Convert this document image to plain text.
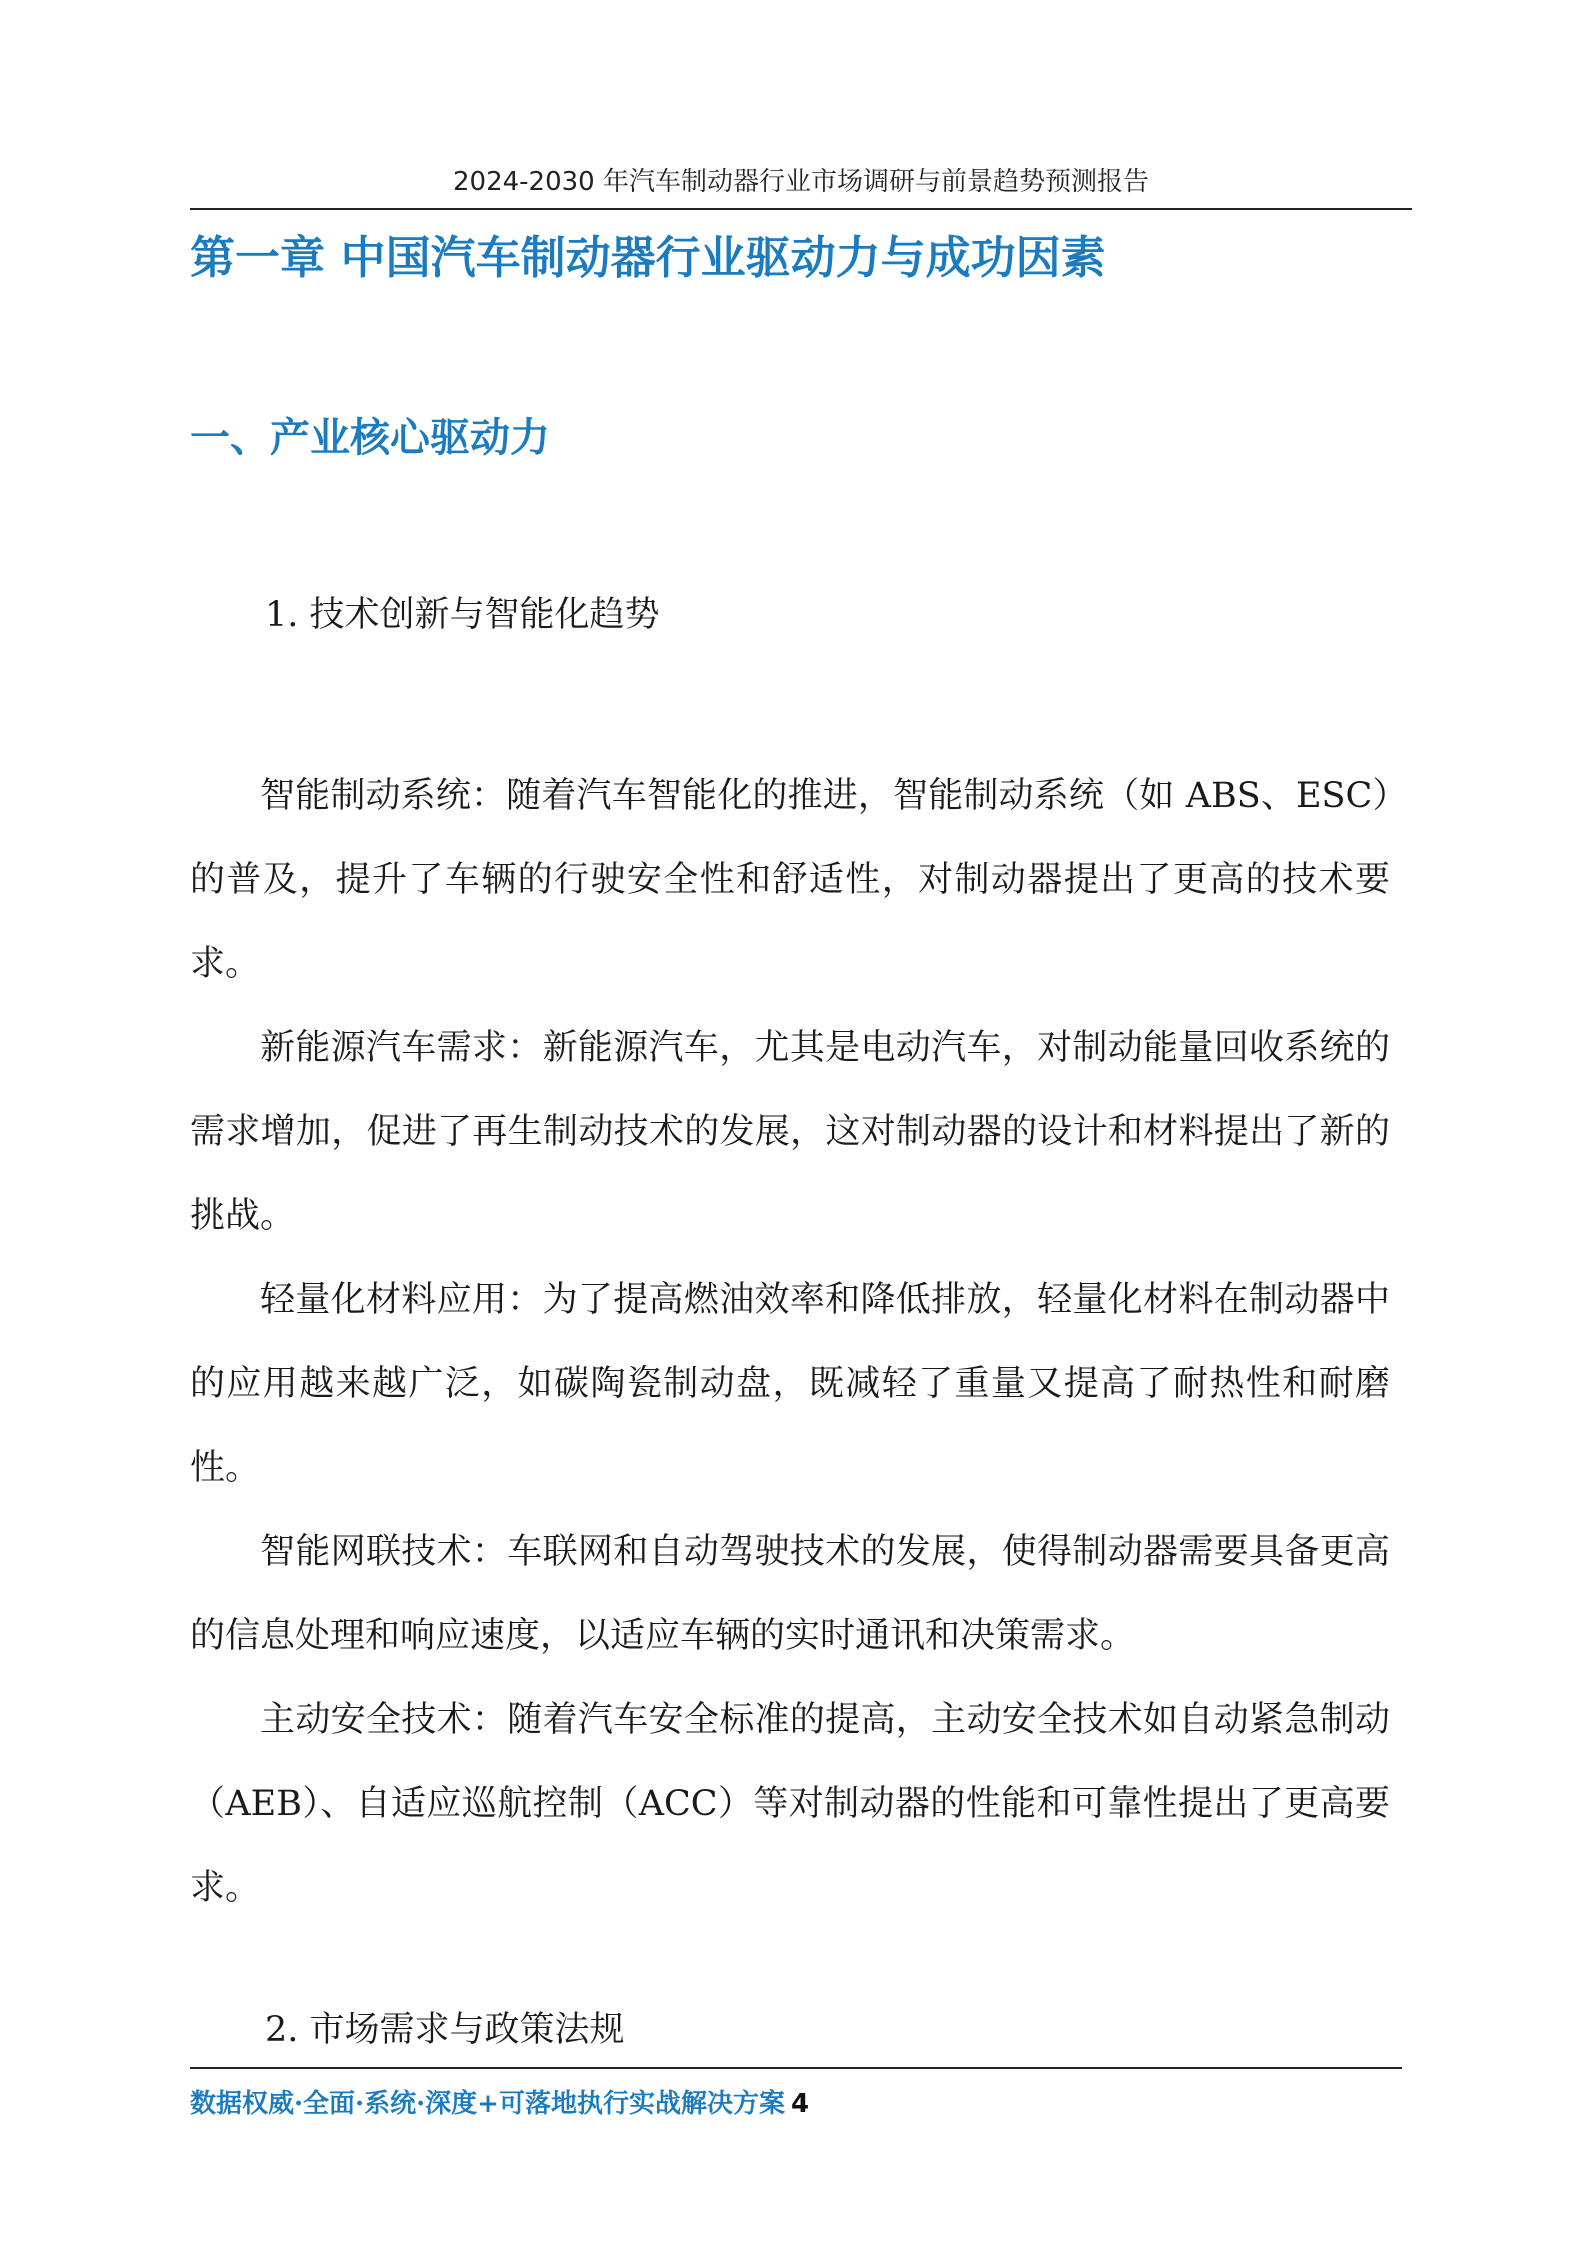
2024-2030 年汽车制动器行业市场调研与前景趋势预测报告
第一章 中国汽车制动器行业驱动力与成功因素
一、产业核心驱动力
1. 技术创新与智能化趋势

智能制动系统：随着汽车智能化的推进，智能制动系统（如 ABS、ESC）的普及，提升了车辆的行驶安全性和舒适性，对制动器提出了更高的技术要求。

新能源汽车需求：新能源汽车，尤其是电动汽车，对制动能量回收系统的需求增加，促进了再生制动技术的发展，这对制动器的设计和材料提出了新的挑战。

轻量化材料应用：为了提高燃油效率和降低排放，轻量化材料在制动器中的应用越来越广泛，如碳陶瓷制动盘，既减轻了重量又提高了耐热性和耐磨性。

智能网联技术：车联网和自动驾驶技术的发展，使得制动器需要具备更高的信息处理和响应速度，以适应车辆的实时通讯和决策需求。

主动安全技术：随着汽车安全标准的提高，主动安全技术如自动紧急制动（AEB）、自适应巡航控制（ACC）等对制动器的性能和可靠性提出了更高要求。

2. 市场需求与政策法规
数据权威·全面·系统·深度+可落地执行实战解决方案 4
